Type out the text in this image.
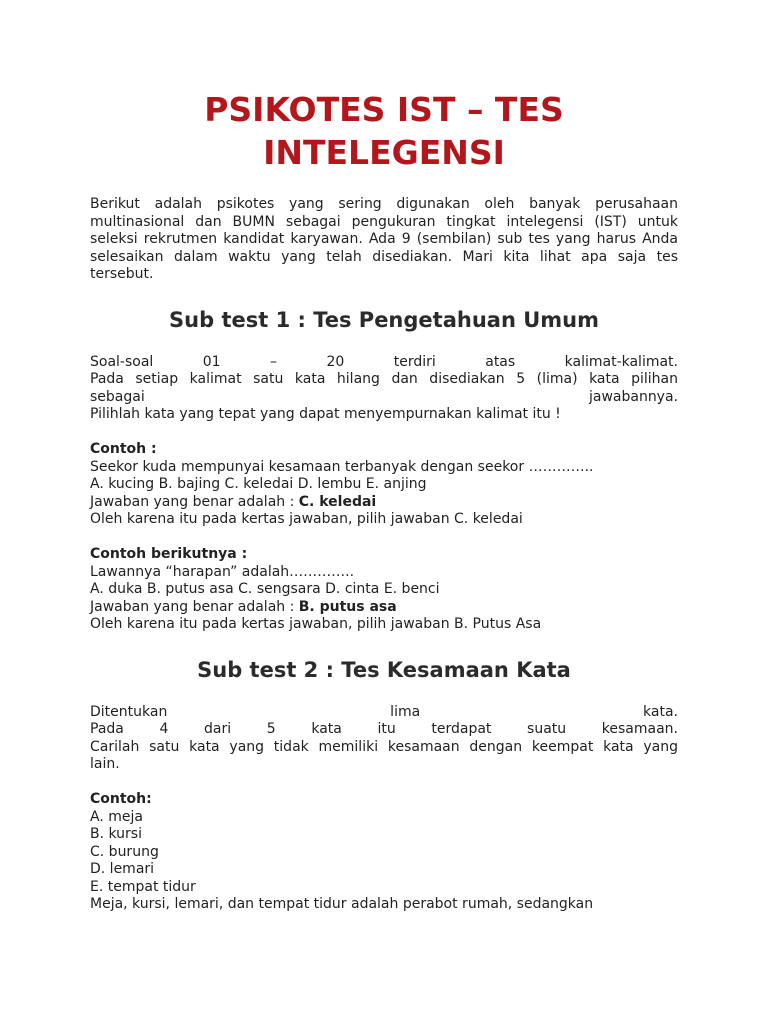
PSIKOTES IST – TES
INTELEGENSI

Berikut adalah psikotes yang sering digunakan oleh banyak perusahaan multinasional dan BUMN sebagai pengukuran tingkat intelegensi (IST) untuk seleksi rekrutmen kandidat karyawan. Ada 9 (sembilan) sub tes yang harus Anda selesaikan dalam waktu yang telah disediakan. Mari kita lihat apa saja tes tersebut.

Sub test 1 : Tes Pengetahuan Umum
Soal-soal 01 – 20 terdiri atas kalimat-kalimat.
Pada setiap kalimat satu kata hilang dan disediakan 5 (lima) kata pilihan
sebagai jawabannya.
Pilihlah kata yang tepat yang dapat menyempurnakan kalimat itu !
Contoh :
Seekor kuda mempunyai kesamaan terbanyak dengan seekor …………..
A. kucing B. bajing C. keledai D. lembu E. anjing
Jawaban yang benar adalah : C. keledai
Oleh karena itu pada kertas jawaban, pilih jawaban C. keledai
Contoh berikutnya :
Lawannya “harapan” adalah…………..
A. duka B. putus asa C. sengsara D. cinta E. benci
Jawaban yang benar adalah : B. putus asa
Oleh karena itu pada kertas jawaban, pilih jawaban B. Putus Asa
Sub test 2 : Tes Kesamaan Kata
Ditentukan lima kata.
Pada 4 dari 5 kata itu terdapat suatu kesamaan.
Carilah satu kata yang tidak memiliki kesamaan dengan keempat kata yang
lain.
Contoh:
A. meja
B. kursi
C. burung
D. lemari
E. tempat tidur
Meja, kursi, lemari, dan tempat tidur adalah perabot rumah, sedangkan
